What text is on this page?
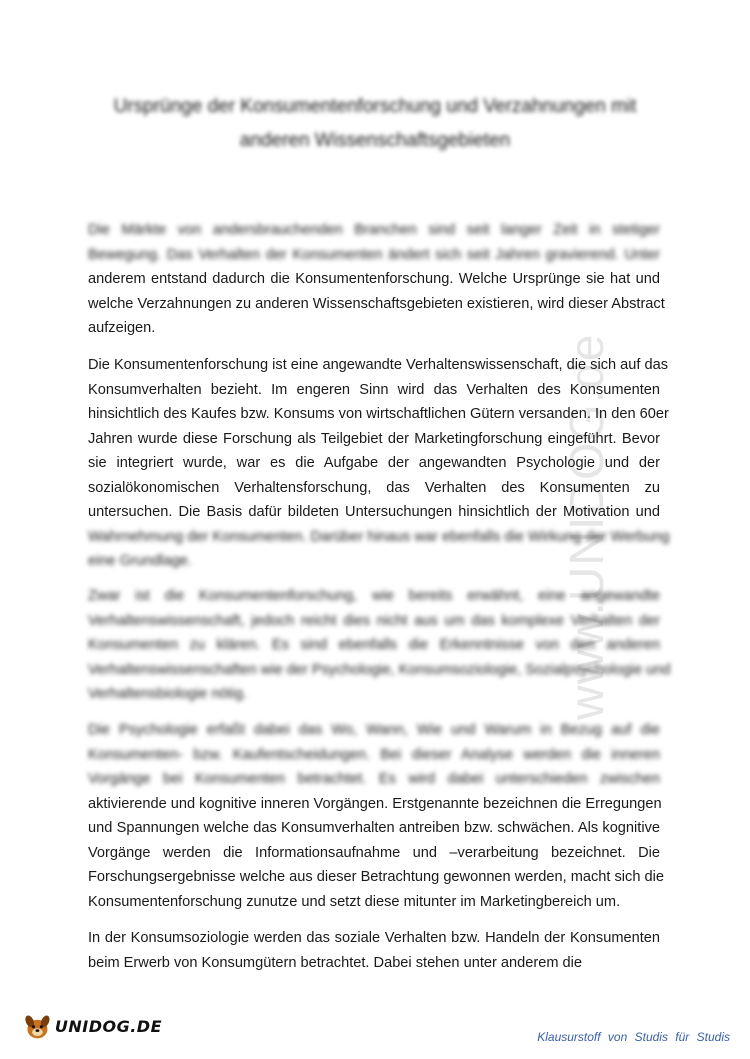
www.UNIDOG.de
Ursprünge der Konsumentenforschung und Verzahnungen mit
anderen Wissenschaftsgebieten
Die Märkte von andersbrauchenden Branchen sind seit langer Zeit in stetiger
Bewegung. Das Verhalten der Konsumenten ändert sich seit Jahren gravierend. Unter
anderem entstand dadurch die Konsumentenforschung. Welche Ursprünge sie hat und
welche Verzahnungen zu anderen Wissenschaftsgebieten existieren, wird dieser Abstract
aufzeigen.
Die Konsumentenforschung ist eine angewandte Verhaltenswissenschaft, die sich auf das
Konsumverhalten bezieht. Im engeren Sinn wird das Verhalten des Konsumenten
hinsichtlich des Kaufes bzw. Konsums von wirtschaftlichen Gütern versanden. In den 60er
Jahren wurde diese Forschung als Teilgebiet der Marketingforschung eingeführt. Bevor
sie integriert wurde, war es die Aufgabe der angewandten Psychologie und der
sozialökonomischen Verhaltensforschung, das Verhalten des Konsumenten zu
untersuchen. Die Basis dafür bildeten Untersuchungen hinsichtlich der Motivation und
Wahrnehmung der Konsumenten. Darüber hinaus war ebenfalls die Wirkung der Werbung
eine Grundlage.
Zwar ist die Konsumentenforschung, wie bereits erwähnt, eine angewandte
Verhaltenswissenschaft, jedoch reicht dies nicht aus um das komplexe Verhalten der
Konsumenten zu klären. Es sind ebenfalls die Erkenntnisse von den anderen
Verhaltenswissenschaften wie der Psychologie, Konsumsoziologie, Sozialpsychologie und
Verhaltensbiologie nötig.
Die Psychologie erfaßt dabei das Wo, Wann, Wie und Warum in Bezug auf die
Konsumenten- bzw. Kaufentscheidungen. Bei dieser Analyse werden die inneren
Vorgänge bei Konsumenten betrachtet. Es wird dabei unterschieden zwischen
aktivierende und kognitive inneren Vorgängen. Erstgenannte bezeichnen die Erregungen
und Spannungen welche das Konsumverhalten antreiben bzw. schwächen. Als kognitive
Vorgänge werden die Informationsaufnahme und –verarbeitung bezeichnet. Die
Forschungsergebnisse welche aus dieser Betrachtung gewonnen werden, macht sich die
Konsumentenforschung zunutze und setzt diese mitunter im Marketingbereich um.
In der Konsumsoziologie werden das soziale Verhalten bzw. Handeln der Konsumenten
beim Erwerb von Konsumgütern betrachtet. Dabei stehen unter anderem die
UNIDOG.DE
Klausurstoff von Studis für Studis
